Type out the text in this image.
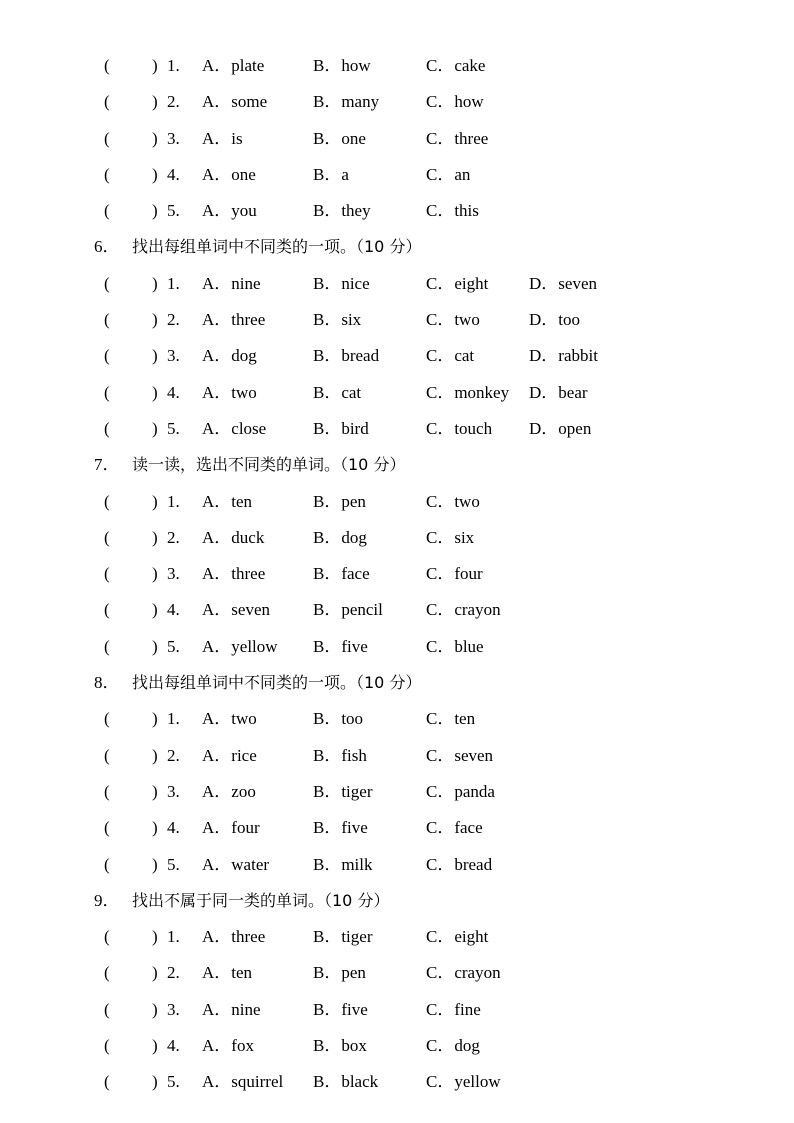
( ) 1. A．plate	B．how	C．cake
( ) 2. A．some	B．many	C．how
( ) 3. A．is	B．one	C．three
( ) 4. A．one	B．a	C．an
( ) 5. A．you	B．they	C．this
6． 找出每组单词中不同类的一项。（10 分）
( ) 1. A．nine	B．nice	C．eight D．seven
( ) 2. A．three	B．six	C．two	D．too
( ) 3. A．dog	B．bread	C．cat	D．rabbit
( ) 4. A．two	B．cat	C．monkey D．bear
( ) 5. A．close	B．bird	C．touch D．open
7． 读一读，选出不同类的单词。（10 分）
( ) 1. A．ten	B．pen	C．two
( ) 2. A．duck	B．dog	C．six
( ) 3. A．three	B．face	C．four
( ) 4. A．seven	B．pencil	C．crayon
( ) 5. A．yellow B．five	C．blue
8． 找出每组单词中不同类的一项。（10 分）
( ) 1. A．two	B．too	C．ten
( ) 2. A．rice	B．fish	C．seven
( ) 3. A．zoo	B．tiger	C．panda
( ) 4. A．four	B．five	C．face
( ) 5. A．water	B．milk	C．bread
9． 找出不属于同一类的单词。（10 分）
( ) 1. A．three	B．tiger	C．eight
( ) 2. A．ten	B．pen	C．crayon
( ) 3. A．nine	B．five	C．fine
( ) 4. A．fox	B．box	C．dog
( ) 5. A．squirrel B．black	C．yellow
